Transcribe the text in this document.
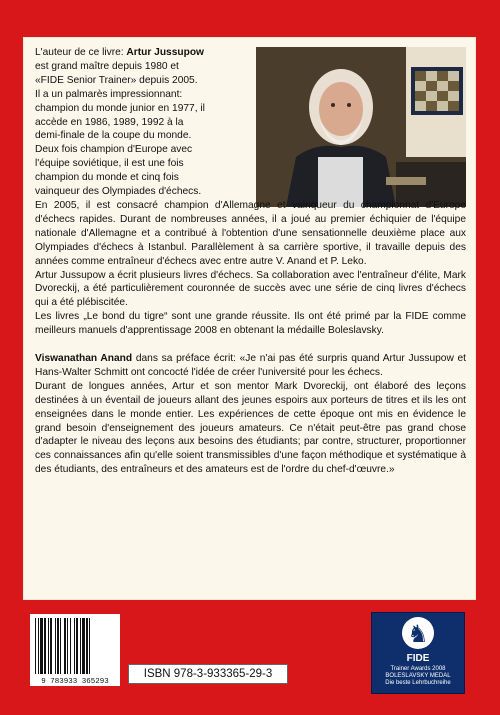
L'auteur de ce livre: Artur Jussupow

est grand maître depuis 1980 et

«FIDE Senior Trainer» depuis 2005.

Il a un palmarès impressionnant:

champion du monde junior en 1977, il

accède en 1986, 1989, 1992 à la

demi-finale de la coupe du monde.

Deux fois champion d'Europe avec

l'équipe soviétique, il est une fois

champion du monde et cinq fois

vainqueur des Olympiades d'échecs.

En 2005, il est consacré champion d'Allemagne et vainqueur du championnat d'Europe d'échecs rapides. Durant de nombreuses années, il a joué au premier échiquier de l'équipe nationale d'Allemagne et a contribué à l'obtention d'une sensationnelle deuxième place aux Olympiades d'échecs à Istanbul. Parallèlement à sa carrière sportive, il travaille depuis des années comme entraîneur d'échecs avec entre autre V. Anand et P. Leko.

Artur Jussupow a écrit plusieurs livres d'échecs. Sa collaboration avec l'entraîneur d'élite, Mark Dvoreckij, a été particulièrement couronnée de succès avec une série de cinq livres d'échecs qui a été plébiscitée.

Les livres „Le bond du tigre“ sont une grande réussite. Ils ont été primé par la FIDE comme meilleurs manuels d'apprentissage 2008 en obtenant la médaille Boleslavsky.

Viswanathan Anand dans sa préface écrit: «Je n'ai pas été surpris quand Artur Jussupow et Hans-Walter Schmitt ont concocté l'idée de créer l'université pour les échecs.

Durant de longues années, Artur et son mentor Mark Dvoreckij, ont élaboré des leçons destinées à un éventail de joueurs allant des jeunes espoirs aux porteurs de titres et ils les ont enseignées dans le monde entier. Les expériences de cette époque ont mis en évidence le grand besoin d'enseignement des joueurs amateurs. Ce n'était peut-être pas grand chose d'adapter le niveau des leçons aux besoins des étudiants; par contre, structurer, proportionner ces connaissances afin qu'elle soient transmissibles d'une façon méthodique et systématique à des étudiants, des entraîneurs et des amateurs est de l'ordre du chef-d'œuvre.»

9 783933 365293
ISBN 978-3-933365-29-3
♞
FIDE
Trainer Awards 2008
BOLESLAVSKY MEDAL
Die beste Lehrbuchreihe
